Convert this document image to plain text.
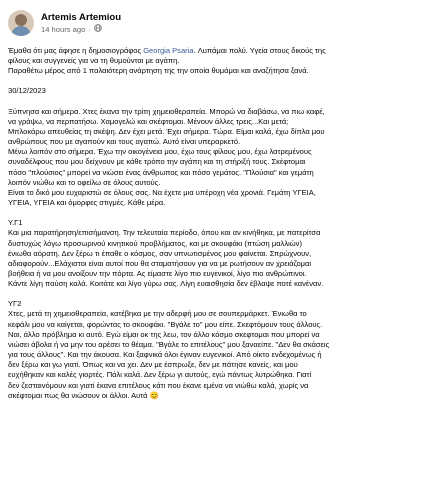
Artemis Artemiou
14 hours ago ·

Έμαθα ότι μας άφησε η δημοσιογράφος Georgia Psaria. Λυπάμαι πολύ. Υγεία στους δικούς της
φίλους και συγγενείς για να τη θυμούνται με αγάπη.
Παραθέτω μέρος από 1 παλαιότερη ανάρτηση της την οποία θυμάμαι και αναζήτησα ξανά.

30/12/2023

Ξύπνησα και σήμερα. Χτες έκανα την τρίτη χημειοθεραπεία. Μπορώ να διαβάσω, να πιω καφέ,
να γράψω, να περπατήσω. Χαμογελώ και σκέφτομαι. Μένουν άλλες τρεις...Και μετά;
Μπλοκάρω απευθείας τη σκέψη. Δεν έχει μετά. Έχει σήμερα. Τώρα. Είμαι καλά, έχω δίπλα μου
ανθρώπους που με αγαπούν και τους αγαπώ. Αυτό είναι υπεραρκετό.
Μένω λοιπόν στο σήμερα. Έχω την οικογένεια μου, έχω τους φίλους μου, έχω λατρεμένους
συναδέλφους που μου δείχνουν με κάθε τρόπο την αγάπη και τη στήριξή τους. Σκέφτομαι
πόσο "πλούσιος" μπορεί να νιώσει ένας άνθρωπος και πόσο γεμάτος. "Πλούσια" και γεμάτη
λοιπόν νιώθω και το οφείλω σε όλους αυτούς.
Είναι το δικό μου ευχαριστώ σε όλους σας. Να έχετε μια υπέροχη νέα χρονιά. Γεμάτη ΥΓΕΙΑ,
ΥΓΕΙΑ, ΥΓΕΙΑ και όμορφες στιγμές. Κάθε μέρα.

Υ.Γ1

Και μια παρατήρηση/επισήμανση. Την τελευταία περίοδο, όπου και αν κινήθηκα, με πατερίτσα
δυστυχώς λόγω προσωρινού κινητικού προβλήματος, και με σκουφάκι (πτώση μαλλιών)
ένιωθα αόρατη. Δεν ξέρω τι έπαθε ο κόσμος, σαν υπνωτισμένος μου φαίνεται. Σπρώχνουν,
αδιαφορούν...Ελάχιστοι είναι αυτοί που θα σταματήσουν για να με ρωτήσουν αν χρειάζομαι
βοήθεια ή να μου ανοίξουν την πόρτα. Ας είμαστε λίγο πιο ευγενικοί, λίγο πιο ανθρώπινοι.
Κάντε λίγη παύση καλά. Κοιτάτε και λίγο γύρω σας. Λίγη ευαισθησία δεν έβλαψε ποτέ κανέναν.

ΥΓ2

Χτες, μετά τη χημειοθεραπεία, κατέβηκα με την αδερφή μου σε σουπερμάρκετ. Ένιωθα το
κεφάλι μου να καίγεται, φορώντας το σκουφάκι. "Βγάλε το" μου είπε. Σκεφτόμουν τους άλλους.
Ναι, άλλο πρόβλημα κι αυτό. Εγώ είμαι οκ της λεω, τον άλλο κόσμο σκεφτομαι που μπορεί να
νιώσει άβολα ή να μην του αρέσει το θέαμα. "Βγάλε το επιτέλους" μου ξαναείπε. "Δεν θα σκάσεις
για τους άλλους". Και την άκουσα. Και ξαφνικά όλοι έγιναν ευγενικοί. Από οίκτο ενδεχομένως ή
δεν ξέρω και γω γιατί. Όπως και να χει. Δεν με έσπρωξε, δεν με πάτησε κανείς, και μου
ευχήθηκαν και καλές γιορτές. Πάλι καλά. Δεν ξέρω γι αυτούς, εγώ πάντως λυτρώθηκα. Γιατί
δεν ζεσταινόμουν και γιατί έκανα επιτέλους κάτι που έκανε εμένα να νιώθω καλά, χωρίς να
σκέφτομαι πως θα νιώσουν οι άλλοι. Αυτά 😊
